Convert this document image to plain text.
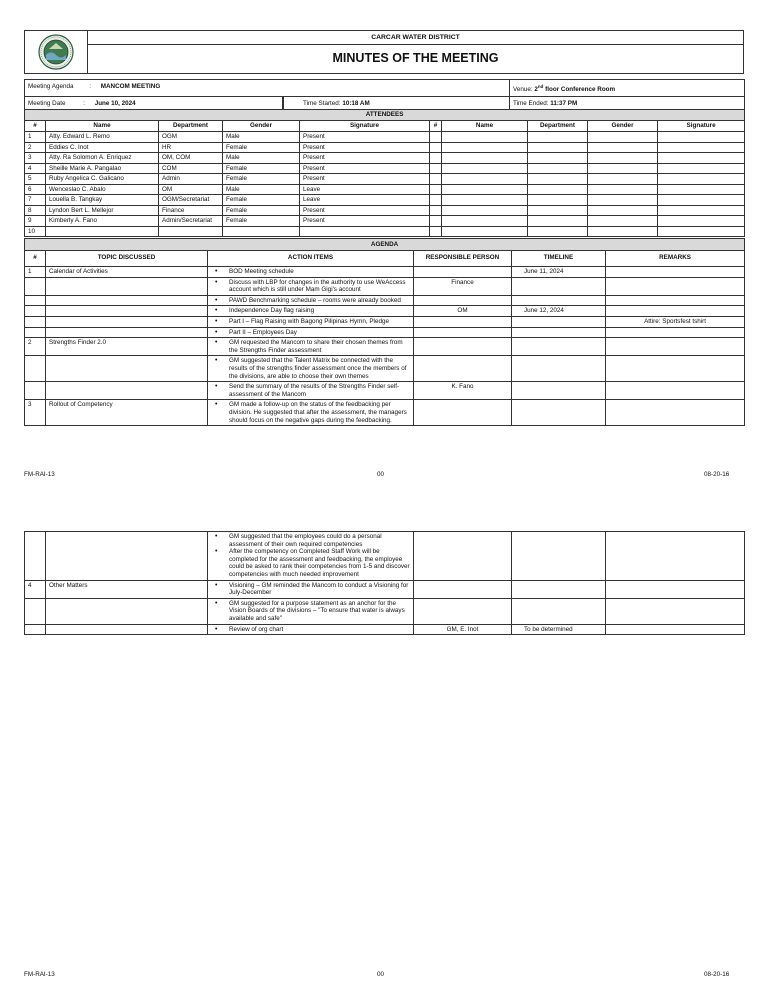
CARCAR WATER DISTRICT
MINUTES OF THE MEETING
Meeting Agenda : MANCOM MEETING		Venue: 2nd floor Conference Room
Meeting Date : June 10, 2024	Time Started: 10:18 AM	Time Ended: 11:37 PM
ATTENDEES									
#	Name	Department	Gender	Signature	#	Name	Department	Gender	Signature
1	Atty. Edward L. Remo	OGM	Male	Present					
2	Eddies C. Inot	HR	Female	Present					
3	Atty. Ra Solomon A. Enriquez	OM, COM	Male	Present					
4	Sheille Marie A. Pangalao	COM	Female	Present					
5	Ruby Angelica C. Galicano	Admin	Female	Present					
6	Wenceslao C. Abalo	OM	Male	Leave					
7	Louella B. Tangkay	OGM/Secretariat	Female	Leave					
8	Lyndon Bert L. Mellejor	Finance	Female	Present					
9	Kimberly A. Fano	Admin/Secretariat	Female	Present					
10									
AGENDA					
#	TOPIC DISCUSSED	ACTION ITEMS	RESPONSIBLE PERSON	TIMELINE	REMARKS
1	Calendar of Activities	• BOD Meeting schedule		June 11, 2024	

		• Discuss with LBP for changes in the authority to use WeAccess account which is still under Mam Gigi's account	Finance		

		• PAWD Benchmarking schedule – rooms were already booked

		• Independence Day flag raising	OM	June 12, 2024	

		• Part I – Flag Raising with Bagong Pilipinas Hymn, Pledge			Attire: Sportsfest tshirt

		• Part II – Employees Day

2	Strengths Finder 2.0	• GM requested the Mancom to share their chosen themes from the Strengths Finder assessment

		• GM suggested that the Talent Matrix be connected with the results of the strengths finder assessment once the members of the divisions, are able to choose their own themes

		• Send the summary of the results of the Strengths Finder self-assessment of the Mancom	K. Fano		
3	Rollout of Competency	• GM made a follow-up on the status of the feedbacking per division. He suggested that after the assessment, the managers should focus on the negative gaps during the feedbacking.

FM-RAI-13	00	08-20-16

		• GM suggested that the employees could do a personal assessment of their own required competencies
• After the competency on Completed Staff Work will be completed for the assessment and feedbacking, the employee could be asked to rank their competencies from 1-5 and discover competencies with much needed improvement

4	Other Matters	• Visioning – GM reminded the Mancom to conduct a Visioning for July-December

		• GM suggested for a purpose statement as an anchor for the Vision Boards of the divisions – "To ensure that water is always available and safe"

		• Review of org chart	GM, E. Inot	To be determined	
FM-RAI-13	00	08-20-16
